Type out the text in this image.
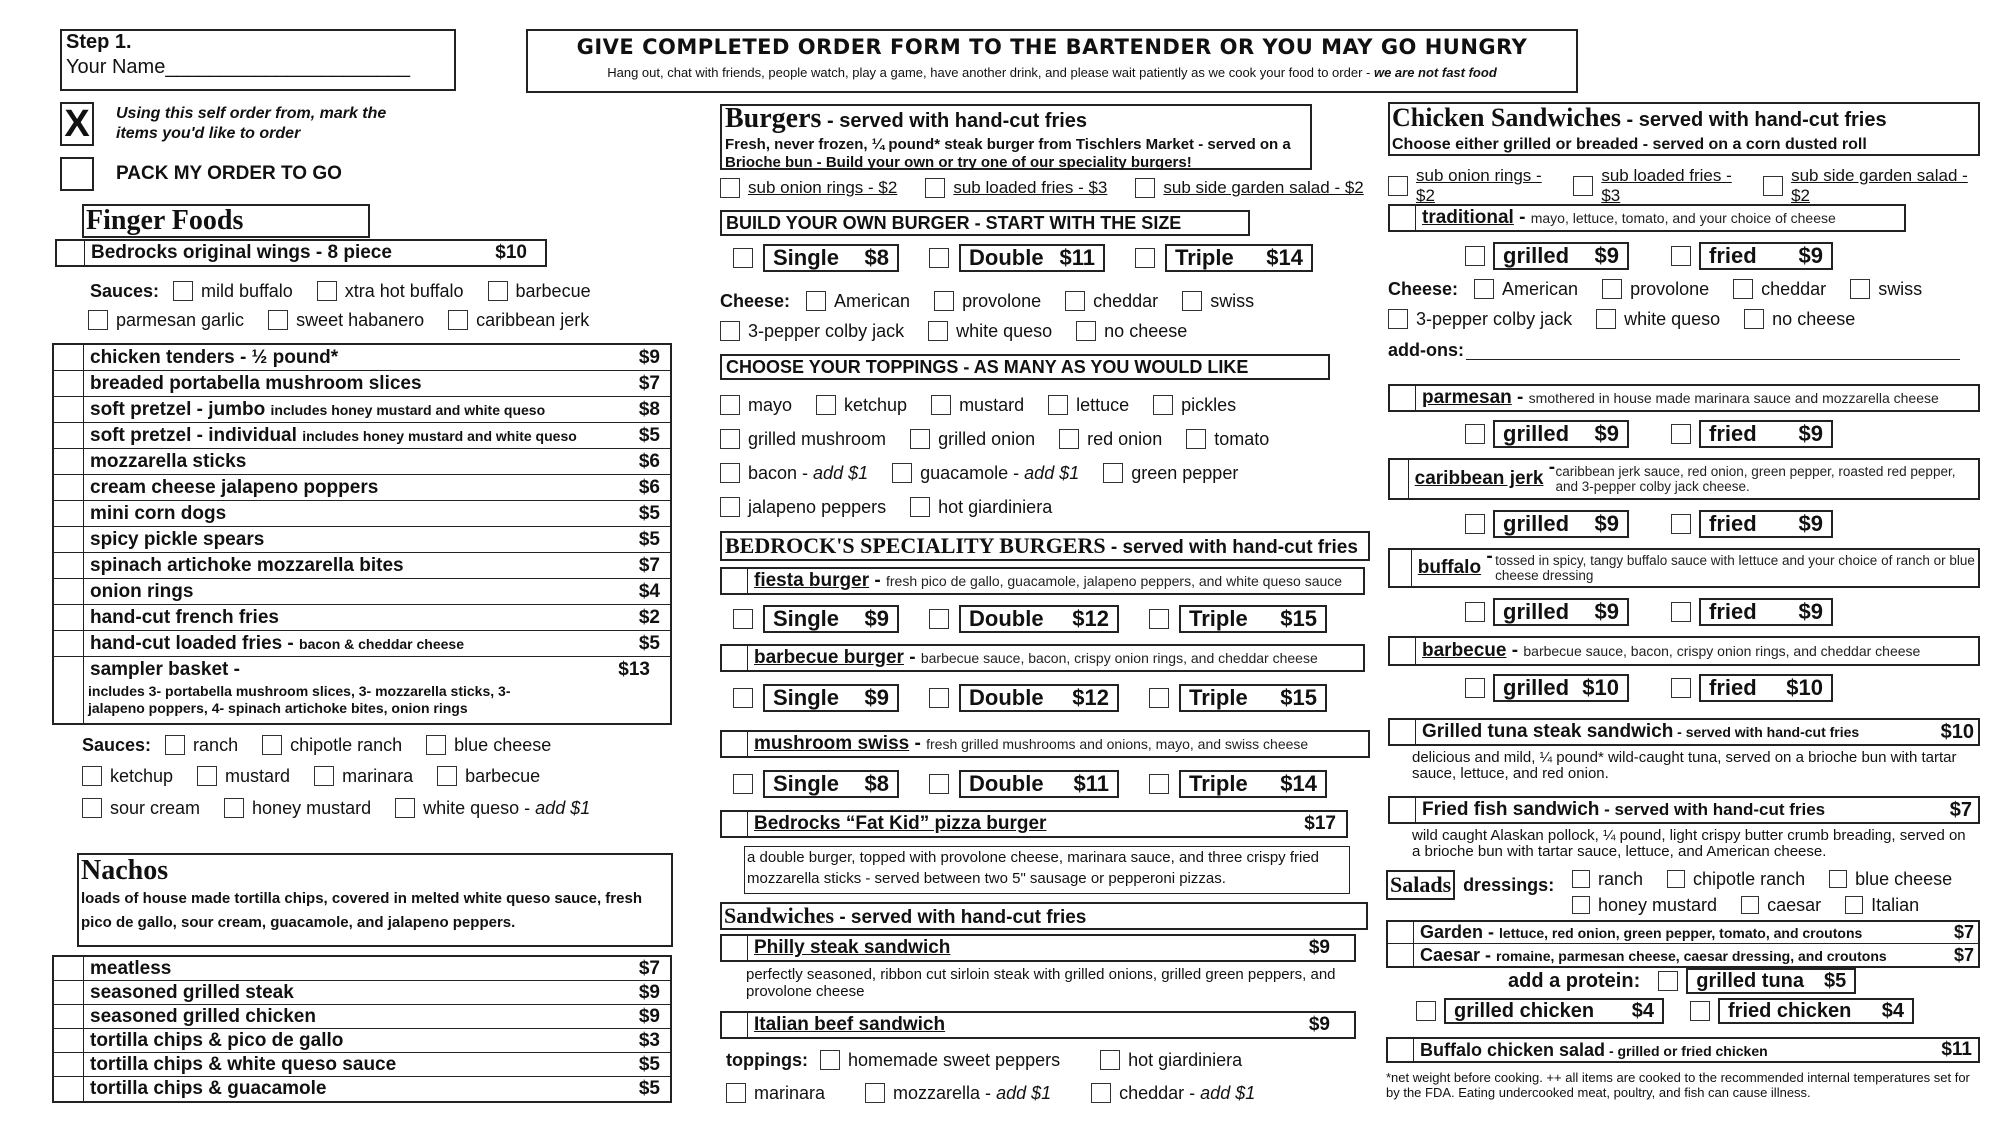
Step 1.
Your Name______________________
GIVE COMPLETED ORDER FORM TO THE BARTENDER OR YOU MAY GO HUNGRY
Hang out, chat with friends, people watch, play a game, have another drink, and please wait patiently as we cook your food to order - we are not fast food
X Using this self order from, mark the items you'd like to order
PACK MY ORDER TO GO
Finger Foods
Bedrocks original wings - 8 piece	$10
Sauces: mild buffalo	xtra hot buffalo	barbecue
parmesan garlic	sweet habanero	caribbean jerk
chicken tenders - ½ pound*	$9
breaded portabella mushroom slices	$7
soft pretzel - jumbo includes honey mustard and white queso	$8
soft pretzel - individual includes honey mustard and white queso	$5
mozzarella sticks	$6
cream cheese jalapeno poppers	$6
mini corn dogs	$5
spicy pickle spears	$5
spinach artichoke mozzarella bites	$7
onion rings	$4
hand-cut french fries	$2
hand-cut loaded fries - bacon & cheddar cheese	$5
sampler basket -
includes 3- portabella mushroom slices, 3- mozzarella sticks, 3- jalapeno poppers, 4- spinach artichoke bites, onion rings
$13
Sauces: ranch	chipotle ranch	blue cheese
ketchup	mustard	marinara	barbecue
sour cream	honey mustard	white queso - add $1
Nachos
loads of house made tortilla chips, covered in melted white queso sauce, fresh pico de gallo, sour cream, guacamole, and jalapeno peppers.
meatless	$7
seasoned grilled steak	$9
seasoned grilled chicken	$9
tortilla chips & pico de gallo	$3
tortilla chips & white queso sauce	$5
tortilla chips & guacamole	$5
Burgers - served with hand-cut fries
Fresh, never frozen, ¼ pound* steak burger from Tischlers Market - served on a Brioche bun - Build your own or try one of our speciality burgers!
sub onion rings - $2	sub loaded fries - $3	sub side garden salad - $2
BUILD YOUR OWN BURGER - START WITH THE SIZE
Single $8	Double $11	Triple $14
Cheese: American	provolone	cheddar	swiss
3-pepper colby jack	white queso	no cheese
CHOOSE YOUR TOPPINGS - AS MANY AS YOU WOULD LIKE
mayo	ketchup	mustard	lettuce	pickles
grilled mushroom	grilled onion	red onion	tomato
bacon - add $1	guacamole - add $1	green pepper
jalapeno peppers	hot giardiniera
BEDROCK'S SPECIALITY BURGERS - served with hand-cut fries
fiesta burger - fresh pico de gallo, guacamole, jalapeno peppers, and white queso sauce
Single $9	Double $12	Triple $15
barbecue burger - barbecue sauce, bacon, crispy onion rings, and cheddar cheese
Single $9	Double $12	Triple $15
mushroom swiss - fresh grilled mushrooms and onions, mayo, and swiss cheese
Single $8	Double $11	Triple $14
Bedrocks “Fat Kid” pizza burger	$17
a double burger, topped with provolone cheese, marinara sauce, and three crispy fried mozzarella sticks - served between two 5" sausage or pepperoni pizzas.
Sandwiches - served with hand-cut fries
Philly steak sandwich	$9
perfectly seasoned, ribbon cut sirloin steak with grilled onions, grilled green peppers, and provolone cheese
Italian beef sandwich	$9
toppings: homemade sweet peppers	hot giardiniera
marinara	mozzarella - add $1	cheddar - add $1
Chicken Sandwiches - served with hand-cut fries
Choose either grilled or breaded - served on a corn dusted roll
sub onion rings - $2
sub loaded fries - $3
sub side garden salad - $2
traditional - mayo, lettuce, tomato, and your choice of cheese
grilled $9	fried $9
Cheese: American	provolone	cheddar	swiss
3-pepper colby jack	white queso	no cheese
add-ons:
parmesan - smothered in house made marinara sauce and mozzarella cheese
grilled $9	fried $9
caribbean jerk
-
caribbean jerk sauce, red onion, green pepper, roasted red pepper, and 3-pepper colby jack cheese.
grilled $9	fried $9
buffalo
-
tossed in spicy, tangy buffalo sauce with lettuce and your choice of ranch or blue cheese dressing
grilled $9	fried $9
barbecue - barbecue sauce, bacon, crispy onion rings, and cheddar cheese
grilled $10	fried $10
Grilled tuna steak sandwich - served with hand-cut fries	$10
delicious and mild, ¼ pound* wild-caught tuna, served on a brioche bun with tartar sauce, lettuce, and red onion.
Fried fish sandwich - served with hand-cut fries	$7
wild caught Alaskan pollock, ¼ pound, light crispy butter crumb breading, served on a brioche bun with tartar sauce, lettuce, and American cheese.
Salads dressings: ranch	chipotle ranch	blue cheese
honey mustard	caesar	Italian
Garden - lettuce, red onion, green pepper, tomato, and croutons	$7
Caesar - romaine, parmesan cheese, caesar dressing, and croutons	$7
add a protein:	grilled tuna $5
grilled chicken $4	fried chicken $4
Buffalo chicken salad - grilled or fried chicken	$11
*net weight before cooking. ++ all items are cooked to the recommended internal temperatures set for by the FDA. Eating undercooked meat, poultry, and fish can cause illness.
